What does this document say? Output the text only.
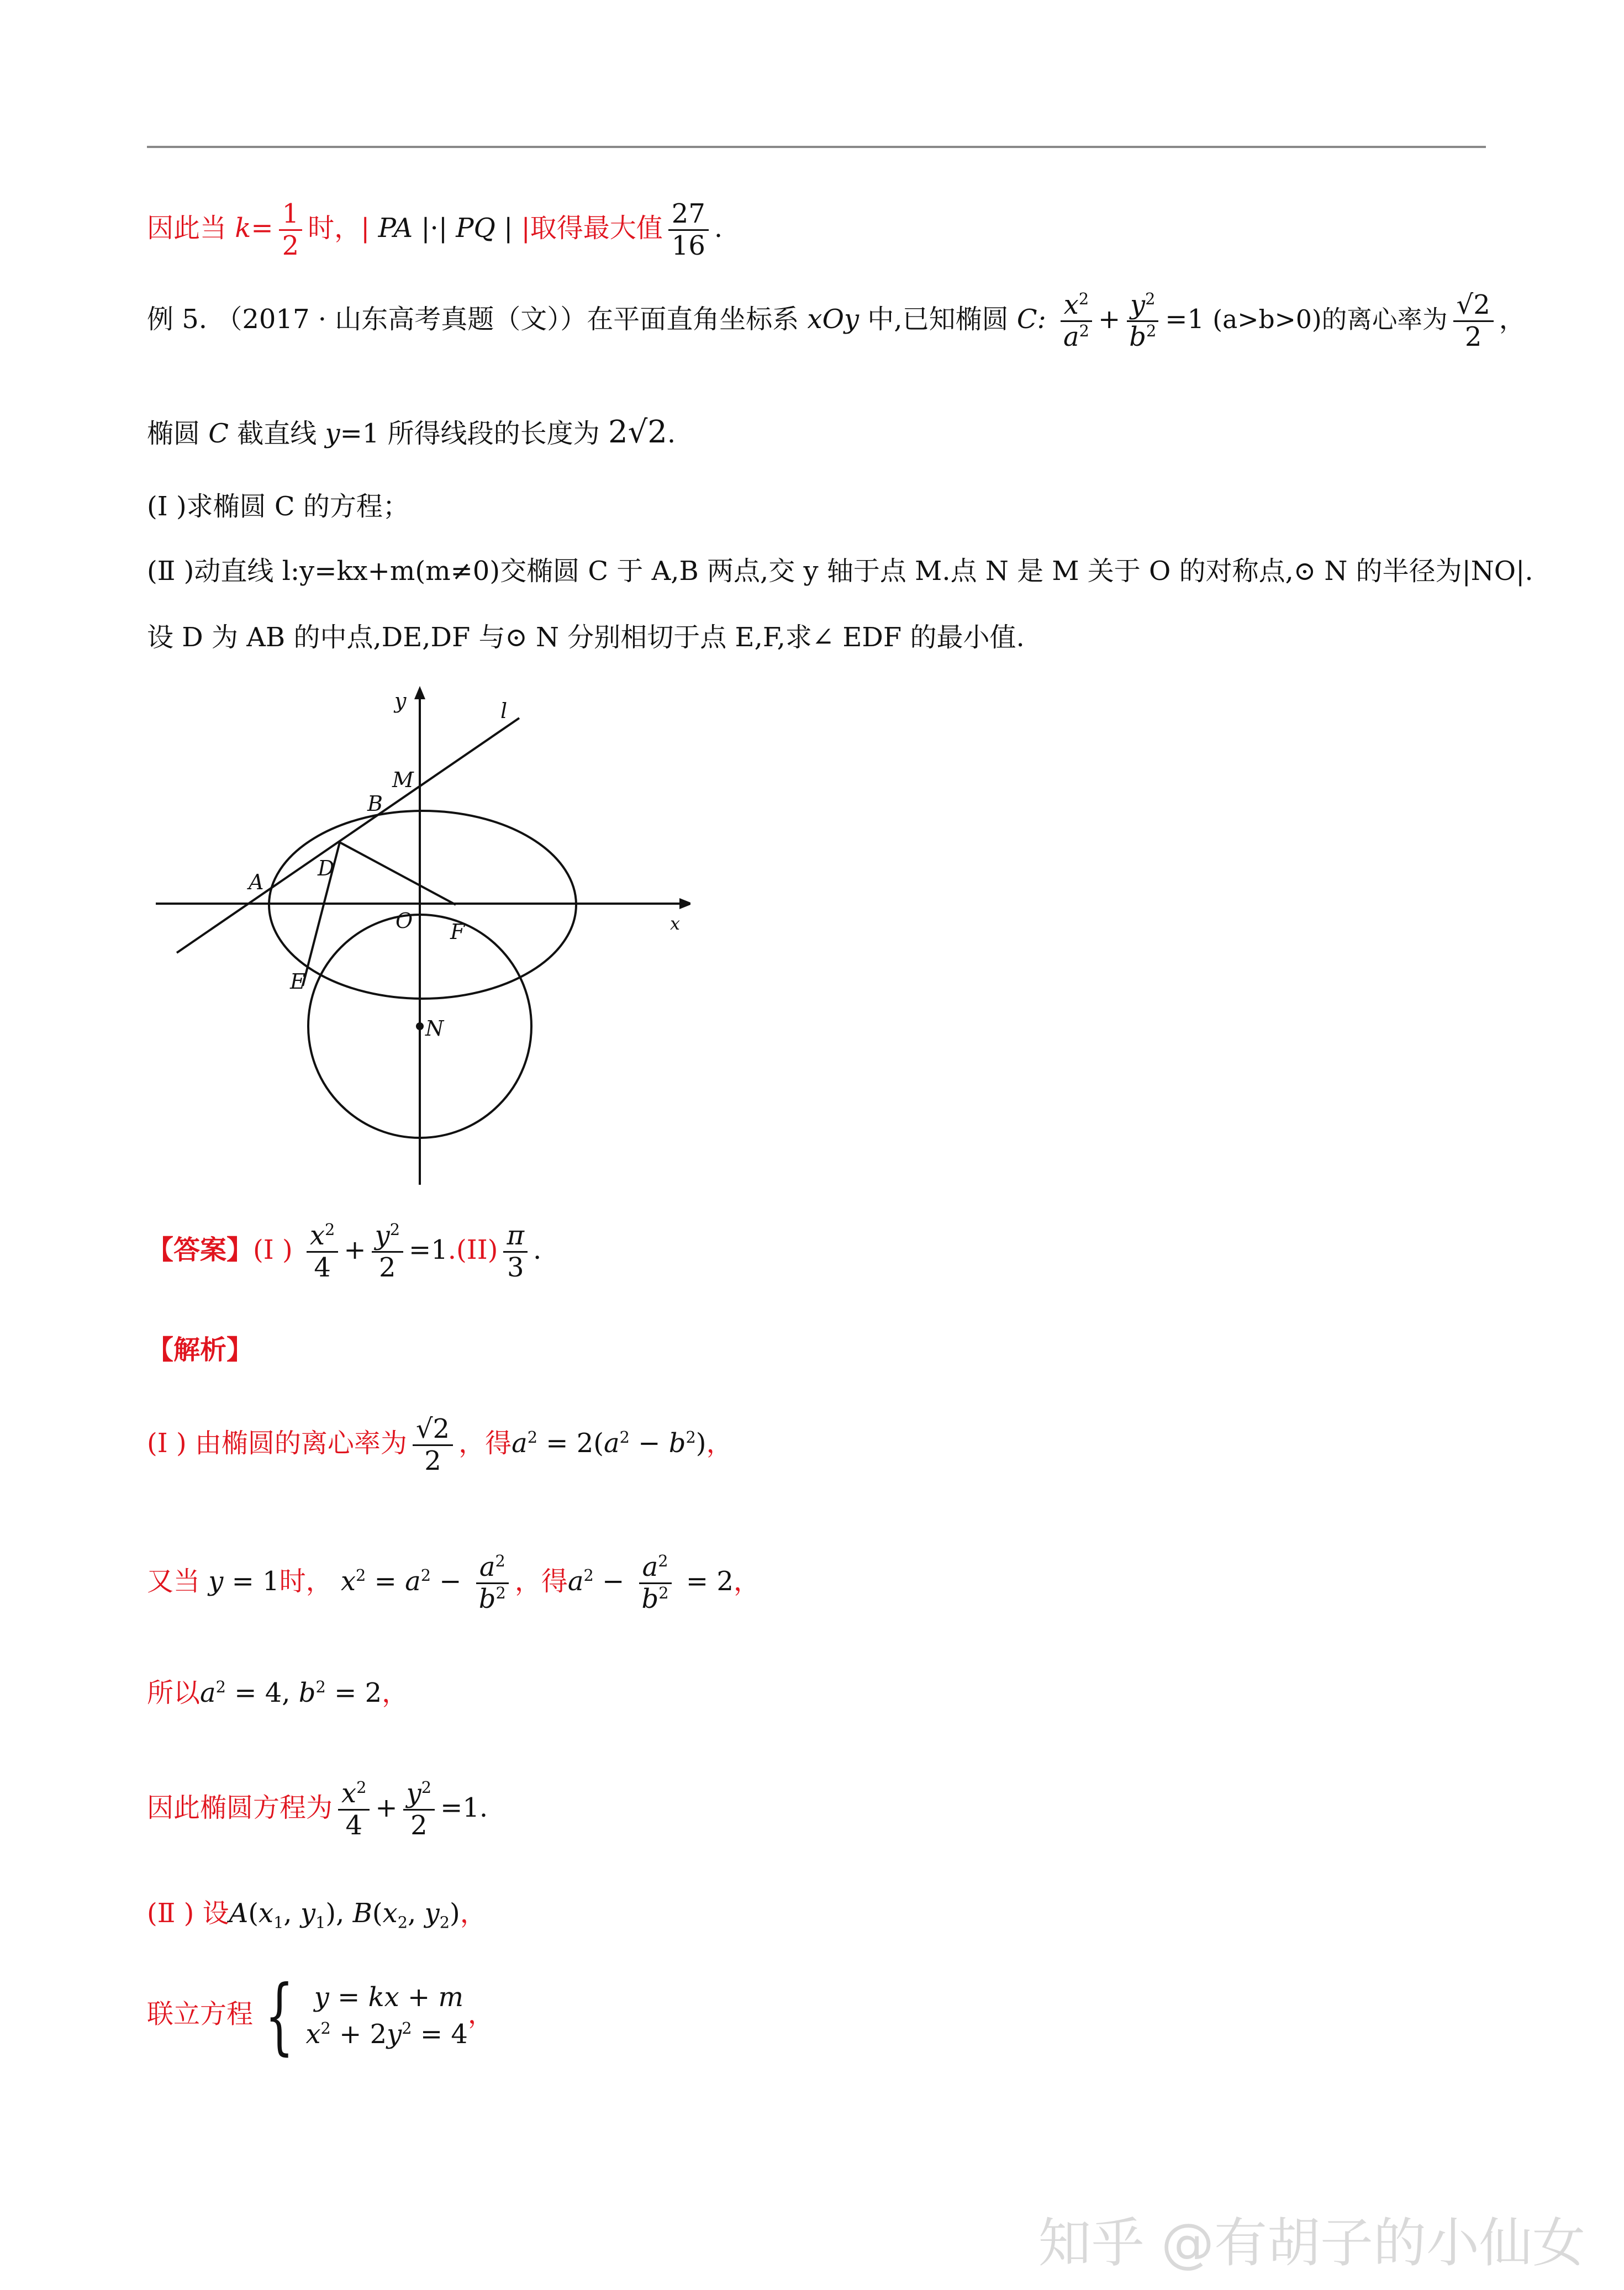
因此当 $k= \frac{1}{2}$ 时，| PA |·| PQ | |取得最大值 $\frac{27}{16}$ .
例 5. （2017 · 山东高考真题（文））在平面直角坐标系 xOy 中,已知椭圆 C: $\frac{x^2}{a^2} + \frac{y^2}{b^2} =1$ (a>b>0)的离心率为 $\frac{√2}{2}$ ，
椭圆 C 截直线 y=1 所得线段的长度为 2√2.
(Ⅰ )求椭圆 C 的方程；
(Ⅱ )动直线 l:y=kx+m(m≠0)交椭圆 C 于 A,B 两点,交 y 轴于点 M.点 N 是 M 关于 O 的对称点,⊙ N 的半径为|NO|.
设 D 为 AB 的中点,DE,DF 与⊙ N 分别相切于点 E,F,求∠ EDF 的最小值.
y	l
M
B
A
D
O F	x
E
N
【答案】(Ⅰ ) $\frac{x^2}{4} + \frac{y^2}{2} =1.(II) \frac{\pi}{3}$ .
【解析】
(Ⅰ ) 由椭圆的离心率为 $\frac{√2}{2}$ ，得$a^2 = 2(a^2 - b^2)$，
又当 y = 1时， $x^2 = a^2 - \frac{a^2}{b^2}$ ，得$a^2 - \frac{a^2}{b^2} = 2$，
所以$a^2 = 4$, $b^2 = 2$，
因此椭圆方程为 $\frac{x^2}{4} + \frac{y^2}{2} =1$.
(Ⅱ ) 设$A(x_1$, $y_1$), $B(x_2$, $y_2$)，
联立方程 { y = kx + m
$x^2 + 2y^2 = 4$
，
知乎 @有胡子的小仙女
